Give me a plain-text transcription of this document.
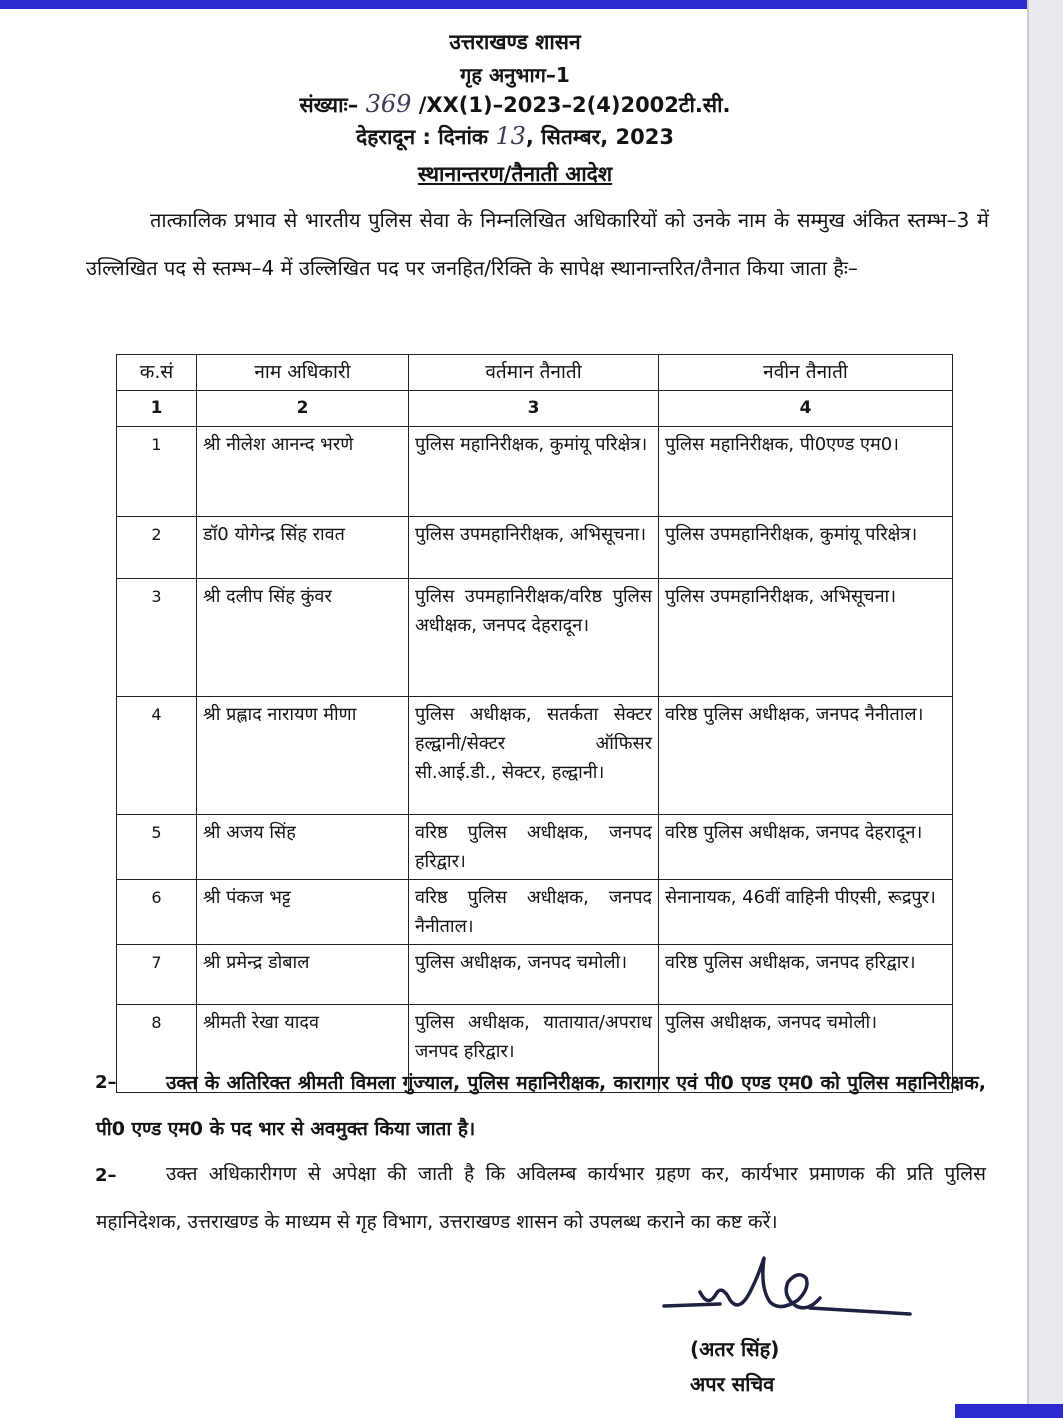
उत्तराखण्ड शासन
गृह अनुभाग–1
संख्याः– 369 /XX(1)–2023–2(4)2002टी.सी.
देहरादून : दिनांक 13, सितम्बर, 2023
स्थानान्तरण/तैनाती आदेश
तात्कालिक प्रभाव से भारतीय पुलिस सेवा के निम्नलिखित अधिकारियों को उनके नाम के सम्मुख अंकित स्तम्भ–3 में उल्लिखित पद से स्तम्भ–4 में उल्लिखित पद पर जनहित/रिक्ति के सापेक्ष स्थानान्तरित/तैनात किया जाता हैः–
क.सं	नाम अधिकारी	वर्तमान तैनाती	नवीन तैनाती
1	2	3	4
1	श्री नीलेश आनन्द भरणे	पुलिस महानिरीक्षक, कुमांयू परिक्षेत्र।	पुलिस महानिरीक्षक, पी0एण्ड एम0।
2	डॉ0 योगेन्द्र सिंह रावत	पुलिस उपमहानिरीक्षक, अभिसूचना।	पुलिस उपमहानिरीक्षक, कुमांयू परिक्षेत्र।
3	श्री दलीप सिंह कुंवर	पुलिस उपमहानिरीक्षक/वरिष्ठ पुलिस अधीक्षक, जनपद देहरादून।	पुलिस उपमहानिरीक्षक, अभिसूचना।
4	श्री प्रह्लाद नारायण मीणा	पुलिस अधीक्षक, सतर्कता सेक्टर हल्द्वानी/सेक्टर ऑफिसर सी.आई.डी., सेक्टर, हल्द्वानी।	वरिष्ठ पुलिस अधीक्षक, जनपद नैनीताल।
5	श्री अजय सिंह	वरिष्ठ पुलिस अधीक्षक, जनपद हरिद्वार।	वरिष्ठ पुलिस अधीक्षक, जनपद देहरादून।
6	श्री पंकज भट्ट	वरिष्ठ पुलिस अधीक्षक, जनपद नैनीताल।	सेनानायक, 46वीं वाहिनी पीएसी, रूद्रपुर।
7	श्री प्रमेन्द्र डोबाल	पुलिस अधीक्षक, जनपद चमोली।	वरिष्ठ पुलिस अधीक्षक, जनपद हरिद्वार।
8	श्रीमती रेखा यादव	पुलिस अधीक्षक, यातायात/अपराध जनपद हरिद्वार।	पुलिस अधीक्षक, जनपद चमोली।
2–	उक्त के अतिरिक्त श्रीमती विमला गुंज्याल, पुलिस महानिरीक्षक, कारागार एवं पी0 एण्ड एम0 को पुलिस महानिरीक्षक, पी0 एण्ड एम0 के पद भार से अवमुक्त किया जाता है।
2–	उक्त अधिकारीगण से अपेक्षा की जाती है कि अविलम्ब कार्यभार ग्रहण कर, कार्यभार प्रमाणक की प्रति पुलिस महानिदेशक, उत्तराखण्ड के माध्यम से गृह विभाग, उत्तराखण्ड शासन को उपलब्ध कराने का कष्ट करें।
(अतर सिंह)
अपर सचिव
